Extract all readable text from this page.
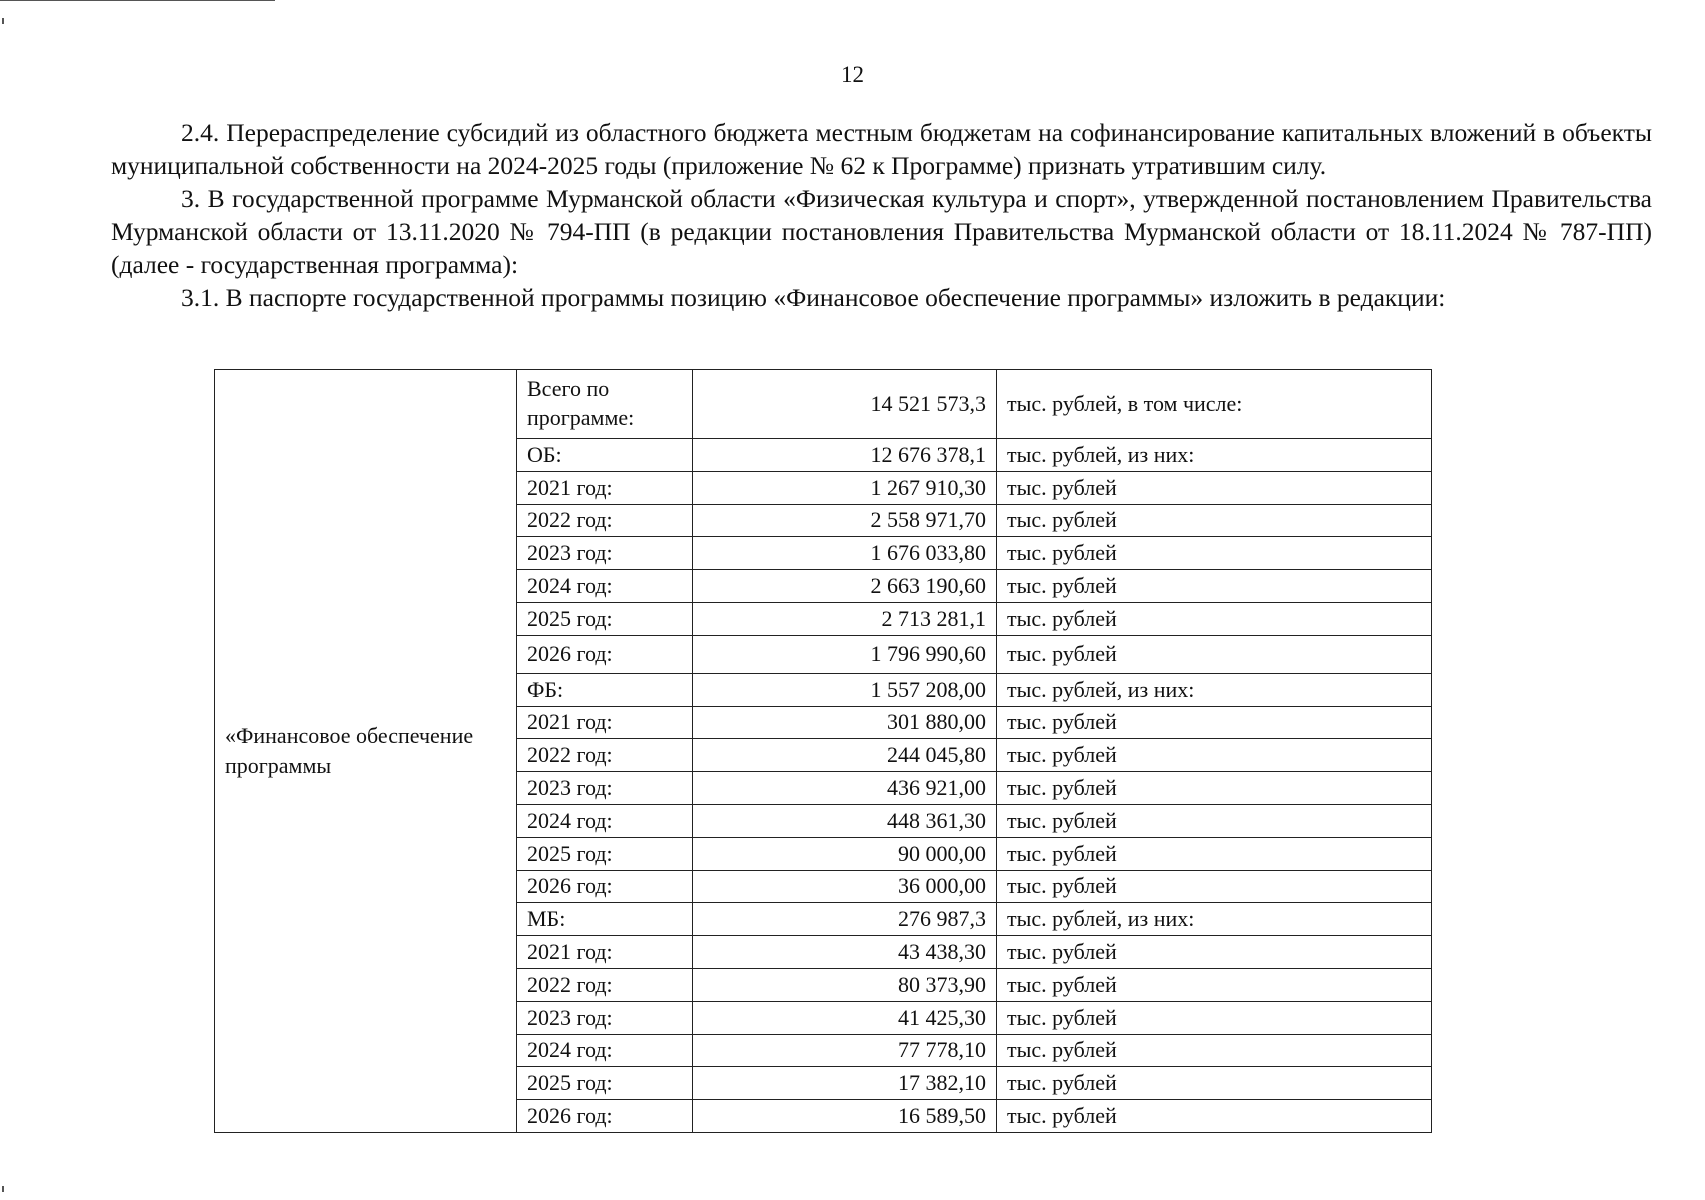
12

2.4. Перераспределение субсидий из областного бюджета местным бюджетам на софинансирование капитальных вложений в объекты муниципальной собственности на 2024-2025 годы (приложение № 62 к Программе) признать утратившим силу.

3. В государственной программе Мурманской области «Физическая культура и спорт», утвержденной постановлением Правительства Мурманской области от 13.11.2020 № 794-ПП (в редакции постановления Правительства Мурманской области от 18.11.2024 № 787-ПП) (далее - государственная программа):

3.1. В паспорте государственной программы позицию «Финансовое обеспечение программы» изложить в редакции:

«Финансовое обеспечение программы	Всего по программе:	14 521 573,3	тыс. рублей, в том числе:
	ОБ:	12 676 378,1	тыс. рублей, из них:
	2021 год:	1 267 910,30	тыс. рублей
	2022 год:	2 558 971,70	тыс. рублей
	2023 год:	1 676 033,80	тыс. рублей
	2024 год:	2 663 190,60	тыс. рублей
	2025 год:	2 713 281,1	тыс. рублей
	2026 год:	1 796 990,60	тыс. рублей
	ФБ:	1 557 208,00	тыс. рублей, из них:
	2021 год:	301 880,00	тыс. рублей
	2022 год:	244 045,80	тыс. рублей
	2023 год:	436 921,00	тыс. рублей
	2024 год:	448 361,30	тыс. рублей
	2025 год:	90 000,00	тыс. рублей
	2026 год:	36 000,00	тыс. рублей
	МБ:	276 987,3	тыс. рублей, из них:
	2021 год:	43 438,30	тыс. рублей
	2022 год:	80 373,90	тыс. рублей
	2023 год:	41 425,30	тыс. рублей
	2024 год:	77 778,10	тыс. рублей
	2025 год:	17 382,10	тыс. рублей
	2026 год:	16 589,50	тыс. рублей
